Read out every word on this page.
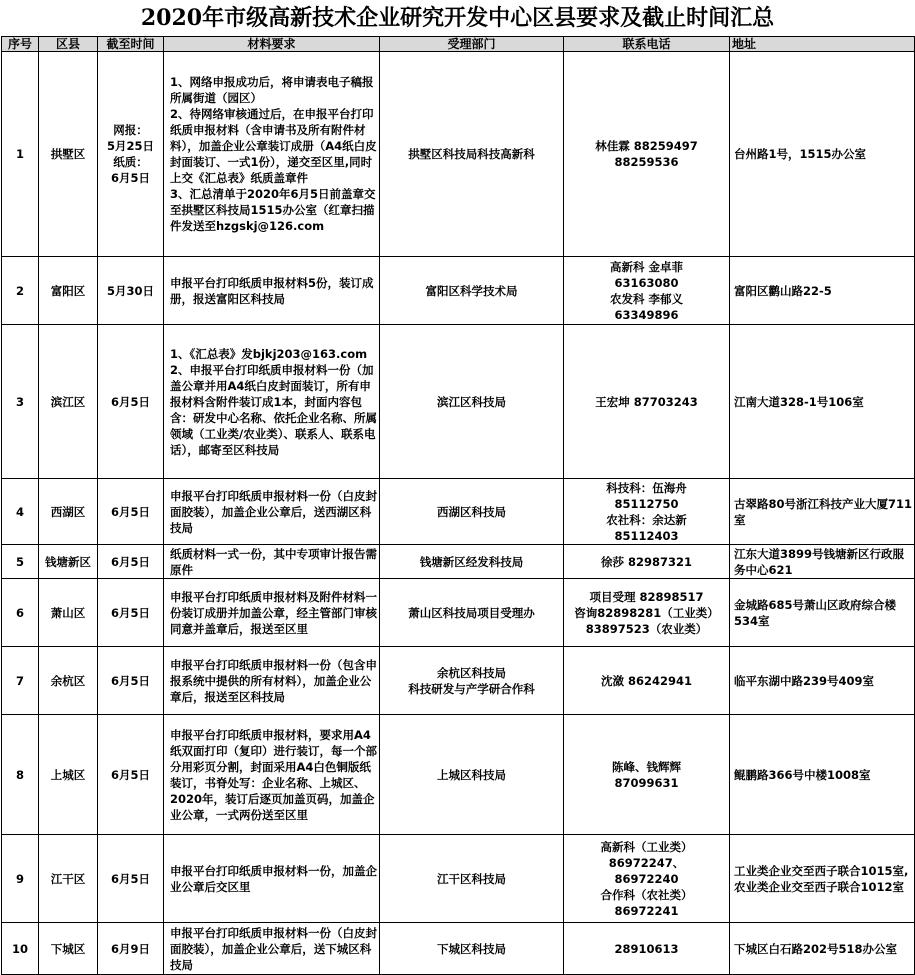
2020年市级高新技术企业研究开发中心区县要求及截止时间汇总
序号	区县	截至时间	材料要求	受理部门	联系电话	地址
1	拱墅区	网报：
5月25日
纸质：
6月5日	1、网络申报成功后，将申请表电子稿报所属街道（园区）
2、待网络审核通过后，在申报平台打印纸质申报材料（含申请书及所有附件材料），加盖企业公章装订成册（A4纸白皮封面装订、一式1份），递交至区里,同时上交《汇总表》纸质盖章件
3、汇总清单于2020年6月5日前盖章交至拱墅区科技局1515办公室（红章扫描件发送至hzgskj@126.com	拱墅区科技局科技高新科	林佳霖 88259497
88259536	台州路1号，1515办公室
2	富阳区	5月30日	申报平台打印纸质申报材料5份，装订成册，报送富阳区科技局	富阳区科学技术局	高新科 金卓菲
63163080
农发科 李郁义
63349896	富阳区鹳山路22-5
3	滨江区	6月5日	1、《汇总表》发bjkj203@163.com
2、申报平台打印纸质申报材料一份（加盖公章并用A4纸白皮封面装订，所有申报材料含附件装订成1本，封面内容包含：研发中心名称、依托企业名称、所属领域（工业类/农业类）、联系人、联系电话），邮寄至区科技局	滨江区科技局	王宏坤 87703243	江南大道328-1号106室
4	西湖区	6月5日	申报平台打印纸质申报材料一份（白皮封面胶装），加盖企业公章后，送西湖区科技局	西湖区科技局	科技科：伍海舟
85112750
农社科：余达新
85112403	古翠路80号浙江科技产业大厦711室
5	钱塘新区	6月5日	纸质材料一式一份，其中专项审计报告需原件	钱塘新区经发科技局	徐莎 82987321	江东大道3899号钱塘新区行政服务中心621
6	萧山区	6月5日	申报平台打印纸质申报材料及附件材料一份装订成册并加盖公章，经主管部门审核同意并盖章后，报送至区里	萧山区科技局项目受理办	项目受理 82898517
咨询82898281（工业类）
83897523（农业类）	金城路685号萧山区政府综合楼534室
7	余杭区	6月5日	申报平台打印纸质申报材料一份（包含申报系统中提供的所有材料），加盖企业公章后，报送至区科技局	余杭区科技局
科技研发与产学研合作科	沈潋 86242941	临平东湖中路239号409室
8	上城区	6月5日	申报平台打印纸质申报材料，要求用A4纸双面打印（复印）进行装订，每一个部分用彩页分割，封面采用A4白色铜版纸装订，书脊处写：企业名称、上城区、2020年，装订后逐页加盖页码，加盖企业公章，一式两份送至区里	上城区科技局	陈峰、钱辉辉
87099631	鲲鹏路366号中楼1008室
9	江干区	6月5日	申报平台打印纸质申报材料一份，加盖企业公章后交区里	江干区科技局	高新科（工业类）
86972247、
86972240
合作科（农社类）
86972241	工业类企业交至西子联合1015室,农业类企业交至西子联合1012室
10	下城区	6月9日	申报平台打印纸质申报材料一份（白皮封面胶装），加盖企业公章后，送下城区科技局	下城区科技局	28910613	下城区白石路202号518办公室
